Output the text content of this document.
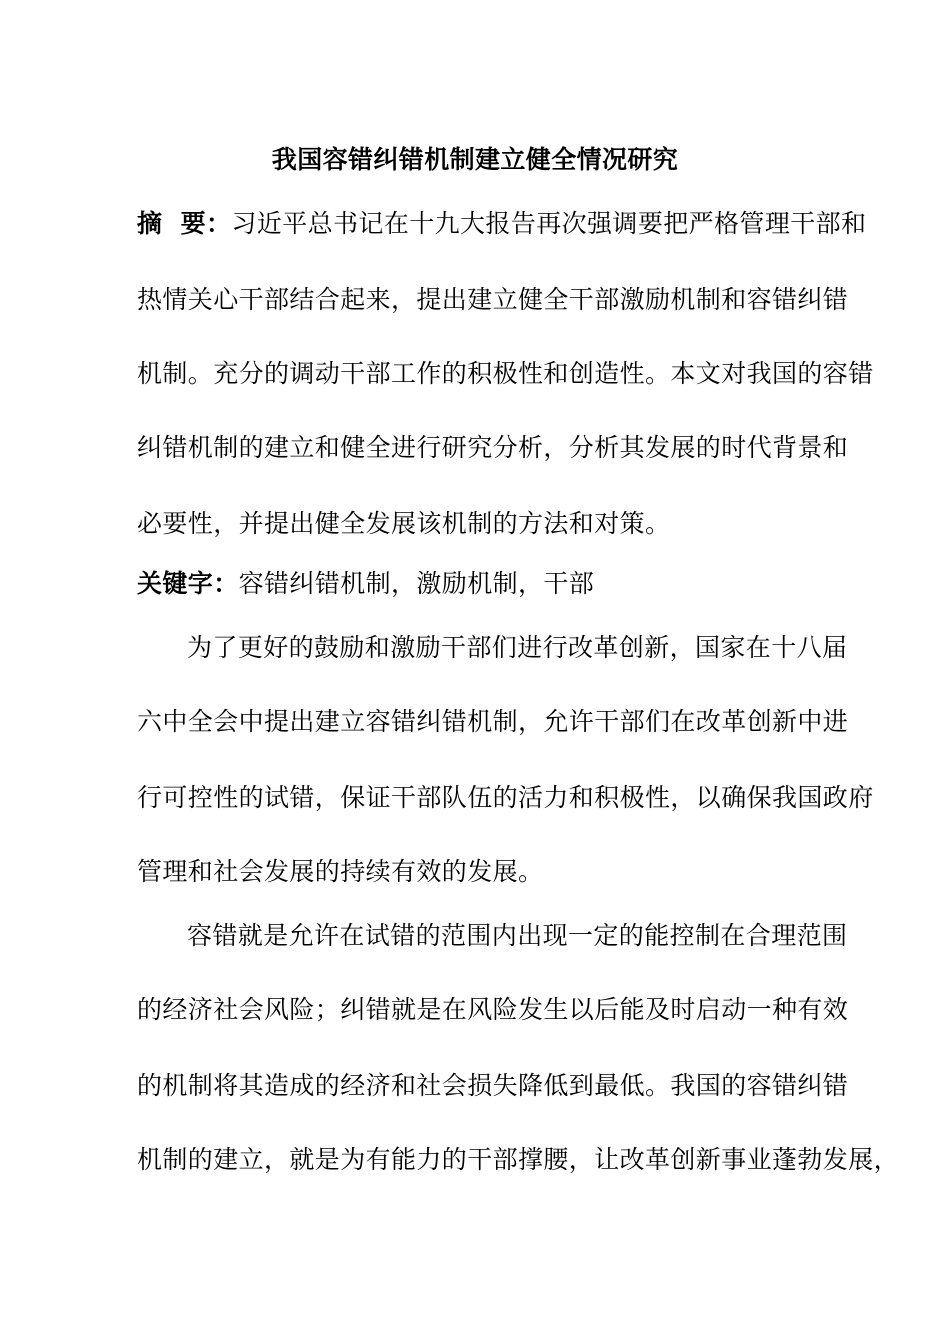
我国容错纠错机制建立健全情况研究
摘  要：习近平总书记在十九大报告再次强调要把严格管理干部和
热情关心干部结合起来，提出建立健全干部激励机制和容错纠错
机制。充分的调动干部工作的积极性和创造性。本文对我国的容错
纠错机制的建立和健全进行研究分析，分析其发展的时代背景和
必要性，并提出健全发展该机制的方法和对策。
关键字：容错纠错机制，激励机制，干部
为了更好的鼓励和激励干部们进行改革创新，国家在十八届
六中全会中提出建立容错纠错机制，允许干部们在改革创新中进
行可控性的试错，保证干部队伍的活力和积极性，以确保我国政府
管理和社会发展的持续有效的发展。
容错就是允许在试错的范围内出现一定的能控制在合理范围
的经济社会风险；纠错就是在风险发生以后能及时启动一种有效
的机制将其造成的经济和社会损失降低到最低。我国的容错纠错
机制的建立，就是为有能力的干部撑腰，让改革创新事业蓬勃发展，
